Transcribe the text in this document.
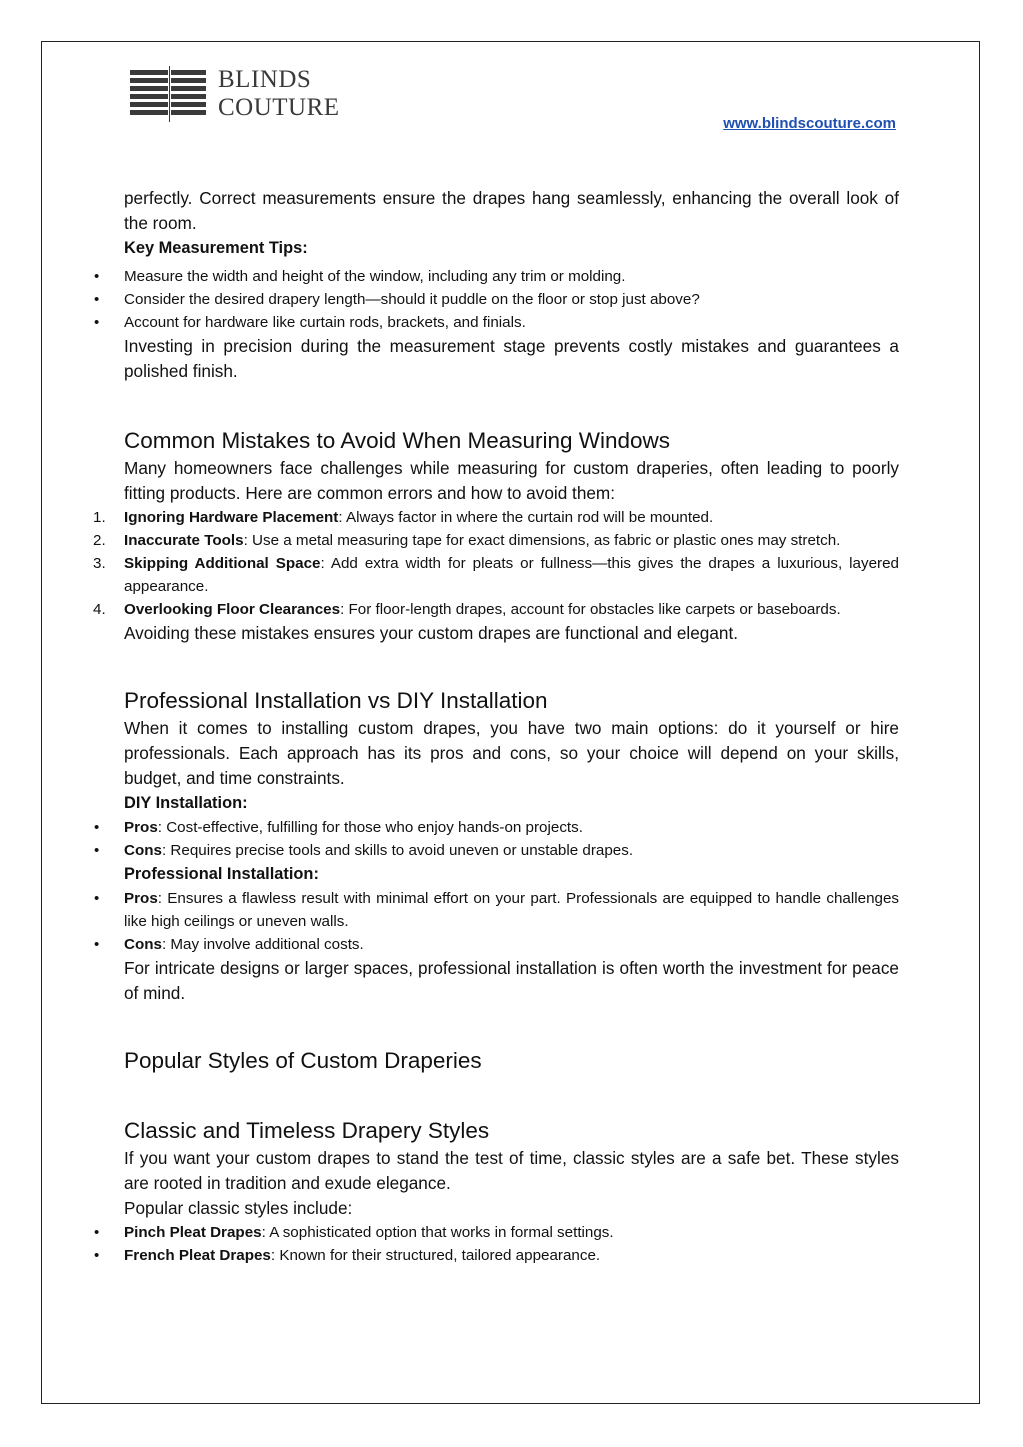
BLINDS
COUTURE
www.blindscouture.com

perfectly. Correct measurements ensure the drapes hang seamlessly, enhancing the overall look of the room.

Key Measurement Tips:
• Measure the width and height of the window, including any trim or molding.
• Consider the desired drapery length—should it puddle on the floor or stop just above?
• Account for hardware like curtain rods, brackets, and finials.

Investing in precision during the measurement stage prevents costly mistakes and guarantees a polished finish.

Common Mistakes to Avoid When Measuring Windows

Many homeowners face challenges while measuring for custom draperies, often leading to poorly fitting products. Here are common errors and how to avoid them:

1. Ignoring Hardware Placement: Always factor in where the curtain rod will be mounted.
2. Inaccurate Tools: Use a metal measuring tape for exact dimensions, as fabric or plastic ones may stretch.
3. Skipping Additional Space: Add extra width for pleats or fullness—this gives the drapes a luxurious, layered appearance.
4. Overlooking Floor Clearances: For floor-length drapes, account for obstacles like carpets or baseboards.

Avoiding these mistakes ensures your custom drapes are functional and elegant.

Professional Installation vs DIY Installation

When it comes to installing custom drapes, you have two main options: do it yourself or hire professionals. Each approach has its pros and cons, so your choice will depend on your skills, budget, and time constraints.

DIY Installation:
• Pros: Cost-effective, fulfilling for those who enjoy hands-on projects.
• Cons: Requires precise tools and skills to avoid uneven or unstable drapes.
Professional Installation:
• Pros: Ensures a flawless result with minimal effort on your part. Professionals are equipped to handle challenges like high ceilings or uneven walls.
• Cons: May involve additional costs.

For intricate designs or larger spaces, professional installation is often worth the investment for peace of mind.

Popular Styles of Custom Draperies
Classic and Timeless Drapery Styles

If you want your custom drapes to stand the test of time, classic styles are a safe bet. These styles are rooted in tradition and exude elegance.

Popular classic styles include:

• Pinch Pleat Drapes: A sophisticated option that works in formal settings.
• French Pleat Drapes: Known for their structured, tailored appearance.
